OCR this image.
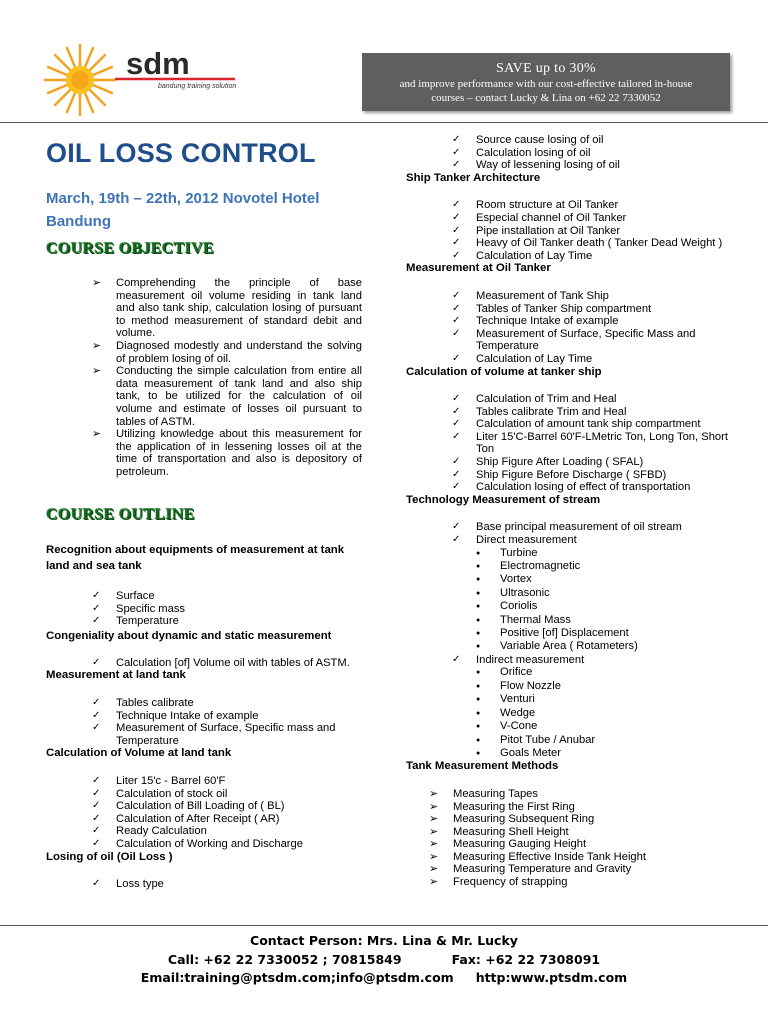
sdm
bandung training solution
SAVE up to 30%
and improve performance with our cost-effective tailored in-house
courses – contact Lucky & Lina on +62 22 7330052
OIL LOSS CONTROL
March, 19th – 22th, 2012 Novotel Hotel Bandung
COURSE OBJECTIVE
➢ Comprehending the principle of base measurement oil volume residing in tank land and also tank ship, calculation losing of pursuant to method measurement of standard debit and volume.
➢ Diagnosed modestly and understand the solving of problem losing of oil.
➢ Conducting the simple calculation from entire all data measurement of tank land and also ship tank, to be utilized for the calculation of oil volume and estimate of losses oil pursuant to tables of ASTM.
➢ Utilizing knowledge about this measurement for the application of in lessening losses oil at the time of transportation and also is depository of petroleum.
COURSE OUTLINE
Recognition about equipments of measurement at tank land and sea tank
✓ Surface
✓ Specific mass
✓ Temperature
Congeniality about dynamic and static measurement
✓ Calculation [of] Volume oil with tables of ASTM.
Measurement at land tank
✓ Tables calibrate
✓ Technique Intake of example
✓ Measurement of Surface, Specific mass and Temperature
Calculation of Volume at land tank
✓ Liter 15'c - Barrel 60'F
✓ Calculation of stock oil
✓ Calculation of Bill Loading of ( BL)
✓ Calculation of After Receipt ( AR)
✓ Ready Calculation
✓ Calculation of Working and Discharge
Losing of oil (Oil Loss )
✓ Loss type
✓ Source cause losing of oil
✓ Calculation losing of oil
✓ Way of lessening losing of oil
Ship Tanker Architecture
✓ Room structure at Oil Tanker
✓ Especial channel of Oil Tanker
✓ Pipe installation at Oil Tanker
✓ Heavy of Oil Tanker death ( Tanker Dead Weight )
✓ Calculation of Lay Time
Measurement at Oil Tanker
✓ Measurement of Tank Ship
✓ Tables of Tanker Ship compartment
✓ Technique Intake of example
✓ Measurement of Surface, Specific Mass and Temperature
✓ Calculation of Lay Time
Calculation of volume at tanker ship
✓ Calculation of Trim and Heal
✓ Tables calibrate Trim and Heal
✓ Calculation of amount tank ship compartment
✓ Liter 15'C-Barrel 60'F-LMetric Ton, Long Ton, Short Ton
✓ Ship Figure After Loading ( SFAL)
✓ Ship Figure Before Discharge ( SFBD)
✓ Calculation losing of effect of transportation
Technology Measurement of stream
✓ Base principal measurement of oil stream
✓ Direct measurement
● Turbine
● Electromagnetic
● Vortex
● Ultrasonic
● Coriolis
● Thermal Mass
● Positive [of] Displacement
● Variable Area ( Rotameters)
✓ Indirect measurement
● Orifice
● Flow Nozzle
● Venturi
● Wedge
● V-Cone
● Pitot Tube / Anubar
● Goals Meter
Tank Measurement Methods
➢ Measuring Tapes
➢ Measuring the First Ring
➢ Measuring Subsequent Ring
➢ Measuring Shell Height
➢ Measuring Gauging Height
➢ Measuring Effective Inside Tank Height
➢ Measuring Temperature and Gravity
➢ Frequency of strapping
Contact Person: Mrs. Lina & Mr. Lucky
Call: +62 22 7330052 ; 70815849	Fax: +62 22 7308091
Email:training@ptsdm.com;info@ptsdm.com http:www.ptsdm.com
